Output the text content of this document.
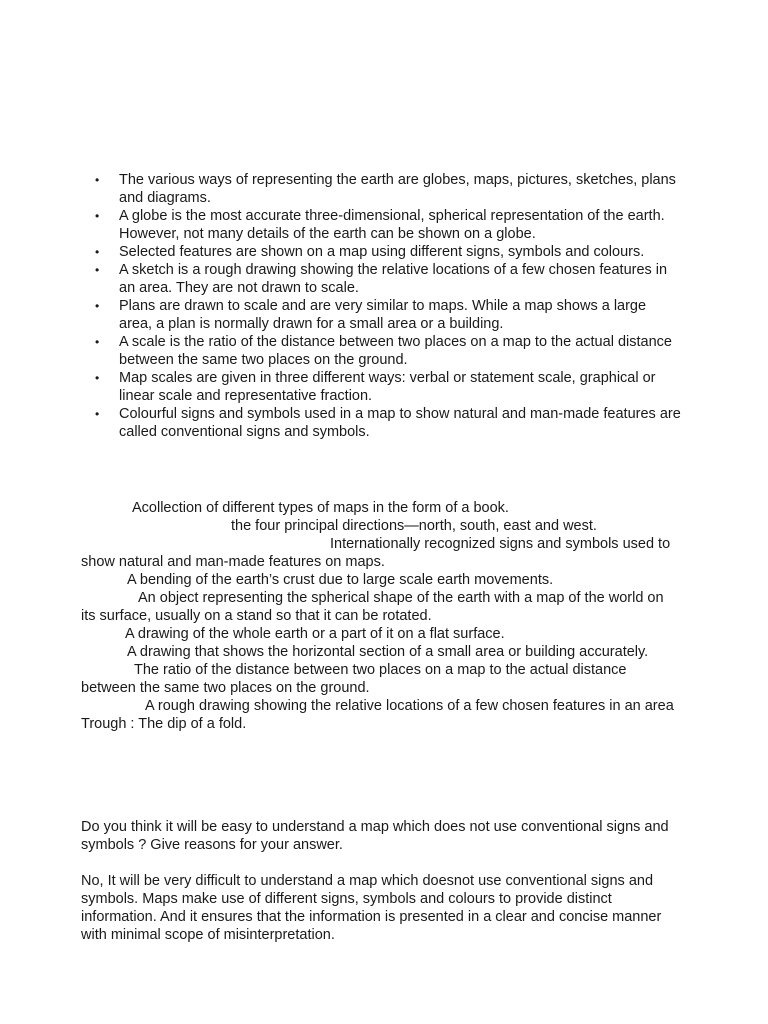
• The various ways of representing the earth are globes, maps, pictures, sketches, plans and diagrams.
• A globe is the most accurate three-dimensional, spherical representation of the earth. However, not many details of the earth can be shown on a globe.
• Selected features are shown on a map using different signs, symbols and colours.
• A sketch is a rough drawing showing the relative locations of a few chosen features in an area. They are not drawn to scale.
• Plans are drawn to scale and are very similar to maps. While a map shows a large area, a plan is normally drawn for a small area or a building.
• A scale is the ratio of the distance between two places on a map to the actual distance between the same two places on the ground.
• Map scales are given in three different ways: verbal or statement scale, graphical or linear scale and representative fraction.
• Colourful signs and symbols used in a map to show natural and man-made features are called conventional signs and symbols.

Acollection of different types of maps in the form of a book.

the four principal directions—north, south, east and west.

Internationally recognized signs and symbols used to show natural and man-made features on maps.

A bending of the earth’s crust due to large scale earth movements.

An object representing the spherical shape of the earth with a map of the world on its surface, usually on a stand so that it can be rotated.

A drawing of the whole earth or a part of it on a flat surface.

A drawing that shows the horizontal section of a small area or building accurately.

The ratio of the distance between two places on a map to the actual distance between the same two places on the ground.

A rough drawing showing the relative locations of a few chosen features in an area Trough : The dip of a fold.

Do you think it will be easy to understand a map which does not use conventional signs and symbols ? Give reasons for your answer.

No, It will be very difficult to understand a map which doesnot use conventional signs and symbols. Maps make use of different signs, symbols and colours to provide distinct information. And it ensures that the information is presented in a clear and concise manner with minimal scope of misinterpretation.
